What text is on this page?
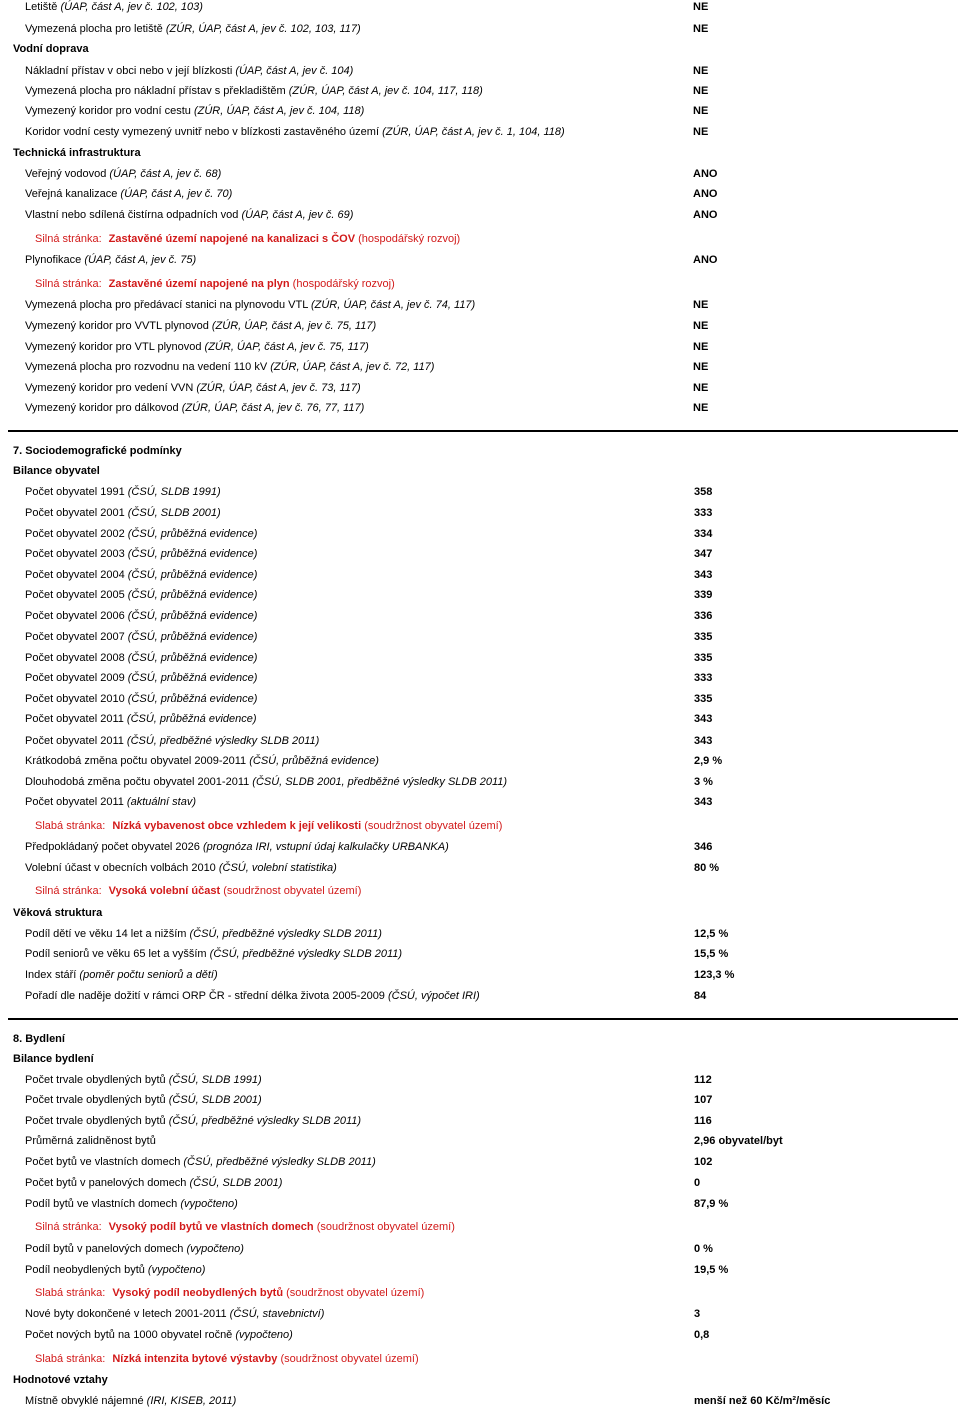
Letiště (ÚAP, část A, jev č. 102, 103)	NE
Vymezená plocha pro letiště (ZÚR, ÚAP, část A, jev č. 102, 103, 117)	NE
Vodní doprava
Nákladní přístav v obci nebo v její blízkosti (ÚAP, část A, jev č. 104)	NE
Vymezená plocha pro nákladní přístav s překladištěm (ZÚR, ÚAP, část A, jev č. 104, 117, 118)	NE
Vymezený koridor pro vodní cestu (ZÚR, ÚAP, část A, jev č. 104, 118)	NE
Koridor vodní cesty vymezený uvnitř nebo v blízkosti zastavěného území (ZÚR, ÚAP, část A, jev č. 1, 104, 118)	NE
Technická infrastruktura
Veřejný vodovod (ÚAP, část A, jev č. 68)	ANO
Veřejná kanalizace (ÚAP, část A, jev č. 70)	ANO
Vlastní nebo sdílená čistírna odpadních vod (ÚAP, část A, jev č. 69)	ANO
Silná stránka: Zastavěné území napojené na kanalizaci s ČOV (hospodářský rozvoj)
Plynofikace (ÚAP, část A, jev č. 75)	ANO
Silná stránka: Zastavěné území napojené na plyn (hospodářský rozvoj)
Vymezená plocha pro předávací stanici na plynovodu VTL (ZÚR, ÚAP, část A, jev č. 74, 117)	NE
Vymezený koridor pro VVTL plynovod (ZÚR, ÚAP, část A, jev č. 75, 117)	NE
Vymezený koridor pro VTL plynovod (ZÚR, ÚAP, část A, jev č. 75, 117)	NE
Vymezená plocha pro rozvodnu na vedení 110 kV (ZÚR, ÚAP, část A, jev č. 72, 117)	NE
Vymezený koridor pro vedení VVN (ZÚR, ÚAP, část A, jev č. 73, 117)	NE
Vymezený koridor pro dálkovod (ZÚR, ÚAP, část A, jev č. 76, 77, 117)	NE
7. Sociodemografické podmínky
Bilance obyvatel
Počet obyvatel 1991 (ČSÚ, SLDB 1991)	358
Počet obyvatel 2001 (ČSÚ, SLDB 2001)	333
Počet obyvatel 2002 (ČSÚ, průběžná evidence)	334
Počet obyvatel 2003 (ČSÚ, průběžná evidence)	347
Počet obyvatel 2004 (ČSÚ, průběžná evidence)	343
Počet obyvatel 2005 (ČSÚ, průběžná evidence)	339
Počet obyvatel 2006 (ČSÚ, průběžná evidence)	336
Počet obyvatel 2007 (ČSÚ, průběžná evidence)	335
Počet obyvatel 2008 (ČSÚ, průběžná evidence)	335
Počet obyvatel 2009 (ČSÚ, průběžná evidence)	333
Počet obyvatel 2010 (ČSÚ, průběžná evidence)	335
Počet obyvatel 2011 (ČSÚ, průběžná evidence)	343
Počet obyvatel 2011 (ČSÚ, předběžné výsledky SLDB 2011)	343
Krátkodobá změna počtu obyvatel 2009-2011 (ČSÚ, průběžná evidence)	2,9 %
Dlouhodobá změna počtu obyvatel 2001-2011 (ČSÚ, SLDB 2001, předběžné výsledky SLDB 2011)	3 %
Počet obyvatel 2011 (aktuální stav)	343
Slabá stránka: Nízká vybavenost obce vzhledem k její velikosti (soudržnost obyvatel území)
Předpokládaný počet obyvatel 2026 (prognóza IRI, vstupní údaj kalkulačky URBANKA)	346
Volební účast v obecních volbách 2010 (ČSÚ, volební statistika)	80 %
Silná stránka: Vysoká volební účast (soudržnost obyvatel území)
Věková struktura
Podíl dětí ve věku 14 let a nižším (ČSÚ, předběžné výsledky SLDB 2011)	12,5 %
Podíl seniorů ve věku 65 let a vyšším (ČSÚ, předběžné výsledky SLDB 2011)	15,5 %
Index stáří (poměr počtu seniorů a dětí)	123,3 %
Pořadí dle naděje dožití v rámci ORP ČR - střední délka života 2005-2009 (ČSÚ, výpočet IRI)	84
8. Bydlení
Bilance bydlení
Počet trvale obydlených bytů (ČSÚ, SLDB 1991)	112
Počet trvale obydlených bytů (ČSÚ, SLDB 2001)	107
Počet trvale obydlených bytů (ČSÚ, předběžné výsledky SLDB 2011)	116
Průměrná zalidněnost bytů	2,96 obyvatel/byt
Počet bytů ve vlastních domech (ČSÚ, předběžné výsledky SLDB 2011)	102
Počet bytů v panelových domech (ČSÚ, SLDB 2001)	0
Podíl bytů ve vlastních domech (vypočteno)	87,9 %
Silná stránka: Vysoký podíl bytů ve vlastních domech (soudržnost obyvatel území)
Podíl bytů v panelových domech (vypočteno)	0 %
Podíl neobydlených bytů (vypočteno)	19,5 %
Slabá stránka: Vysoký podíl neobydlených bytů (soudržnost obyvatel území)
Nové byty dokončené v letech 2001-2011 (ČSÚ, stavebnictví)	3
Počet nových bytů na 1000 obyvatel ročně (vypočteno)	0,8
Slabá stránka: Nízká intenzita bytové výstavby (soudržnost obyvatel území)
Hodnotové vztahy
Místně obvyklé nájemné (IRI, KISEB, 2011)	menší než 60 Kč/m²/měsíc
